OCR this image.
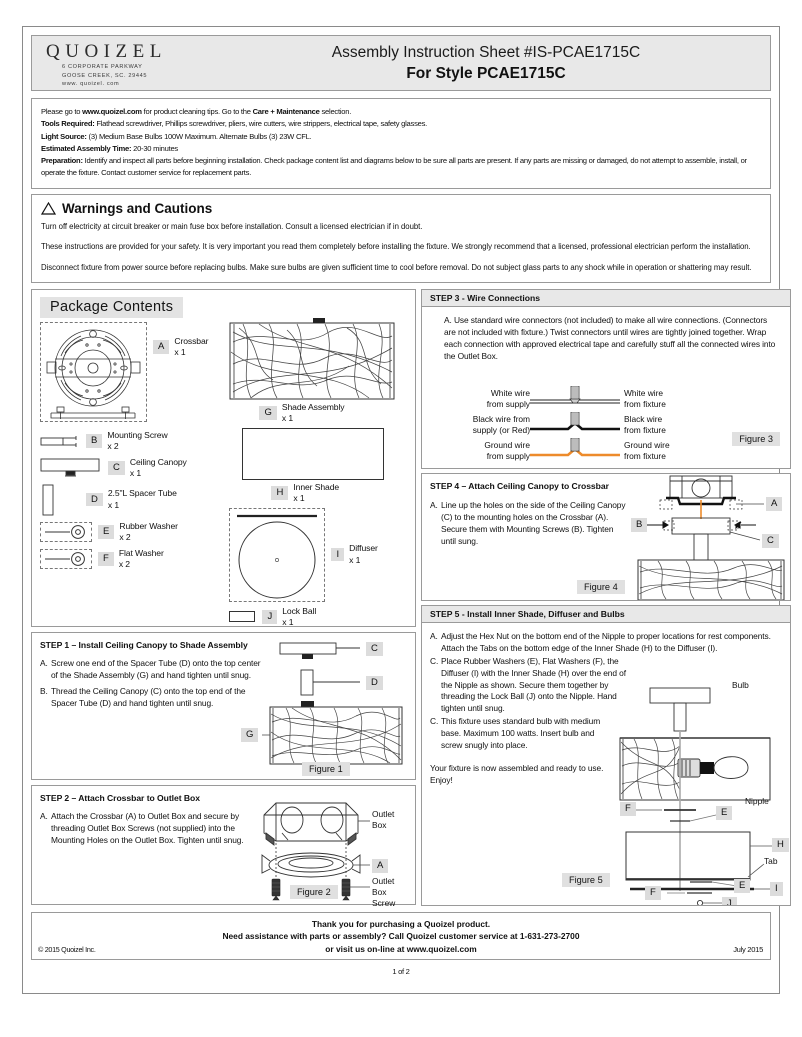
QUOIZEL
6 CORPORATE PARKWAY
GOOSE CREEK, SC. 29445
www. quoizel. com
Assembly Instruction Sheet #IS-PCAE1715C
For Style PCAE1715C

Please go to www.quoizel.com for product cleaning tips. Go to the Care + Maintenance selection.

Tools Required: Flathead screwdriver, Phillips screwdriver, pliers, wire cutters, wire strippers, electrical tape, safety glasses.

Light Source: (3) Medium Base Bulbs 100W Maximum. Alternate Bulbs (3) 23W CFL.

Estimated Assembly Time: 20-30 minutes

Preparation: Identify and inspect all parts before beginning installation. Check package content list and diagrams below to be sure all parts are present. If any parts are missing or damaged, do not attempt to assemble, install, or operate the fixture. Contact customer service for replacement parts.

Warnings and Cautions

Turn off electricity at circuit breaker or main fuse box before installation. Consult a licensed electrician if in doubt.

These instructions are provided for your safety. It is very important you read them completely before installing the fixture. We strongly recommend that a licensed, professional electrician perform the installation.

Disconnect fixture from power source before replacing bulbs. Make sure bulbs are given sufficient time to cool before removal. Do not subject glass parts to any shock while in operation or shattering may result.

Package Contents
A
Crossbar
x 1
B
Mounting Screw
x 2
C
Ceiling Canopy
x 1
D
2.5"L Spacer Tube
x 1
E
Rubber Washer
x 2
F
Flat Washer
x 2
G
Shade Assembly
x 1
H
Inner Shade
x 1
I
Diffuser
x 1
J
Lock Ball
x 1
STEP 1 – Install Ceiling Canopy to Shade Assembly
A. Screw one end of the Spacer Tube (D) onto the top center of the Shade Assembly (G) and hand tighten until snug.
B. Thread the Ceiling Canopy (C) onto the top end of the Spacer Tube (D) and hand tighten until snug.
C
D
G
Figure 1
STEP 2 – Attach Crossbar to Outlet Box
A. Attach the Crossbar (A) to Outlet Box and secure by threading Outlet Box Screws (not supplied) into the Mounting Holes on the Outlet Box. Tighten until snug.
Outlet Box
A
Outlet Box Screw
Figure 2
STEP 3 - Wire Connections
A. Use standard wire connectors (not included) to make all wire connections. (Connectors are not included with fixture.) Twist connectors until wires are tightly joined together. Wrap each connection with approved electrical tape and carefully stuff all the connected wires into the Outlet Box.
White wire
from supply
White wire
from fixture
Black wire from
supply (or Red)
Black wire
from fixture
Ground wire
from supply
Ground wire
from fixture
Figure 3
STEP 4 – Attach Ceiling Canopy to Crossbar
A. Line up the holes on the side of the Ceiling Canopy (C) to the mounting holes on the Crossbar (A). Secure them with Mounting Screws (B). Tighten until sung.
A
B
C
Figure 4
STEP 5 - Install Inner Shade, Diffuser and Bulbs
A. Adjust the Hex Nut on the bottom end of the Nipple to proper locations for rest components. Attach the Tabs on the bottom edge of the Inner Shade (H) to the Diffuser (I).
C. Place Rubber Washers (E), Flat Washers (F), the Diffuser (I) with the Inner Shade (H) over the end of the Nipple as shown. Secure them together by threading the Lock Ball (J) onto the Nipple. Hand tighten until snug.
C. This fixture uses standard bulb with medium base. Maximum 100 watts. Insert bulb and screw snugly into place.
Your fixture is now assembled and ready to use. Enjoy!
Bulb
Nipple
F	E
H
Tab
I
E
F
J
Figure 5
Thank you for purchasing a Quoizel product.
Need assistance with parts or assembly? Call Quoizel customer service at 1-631-273-2700
or visit us on-line at www.quoizel.com
© 2015 Quoizel Inc.	July 2015
1 of 2
